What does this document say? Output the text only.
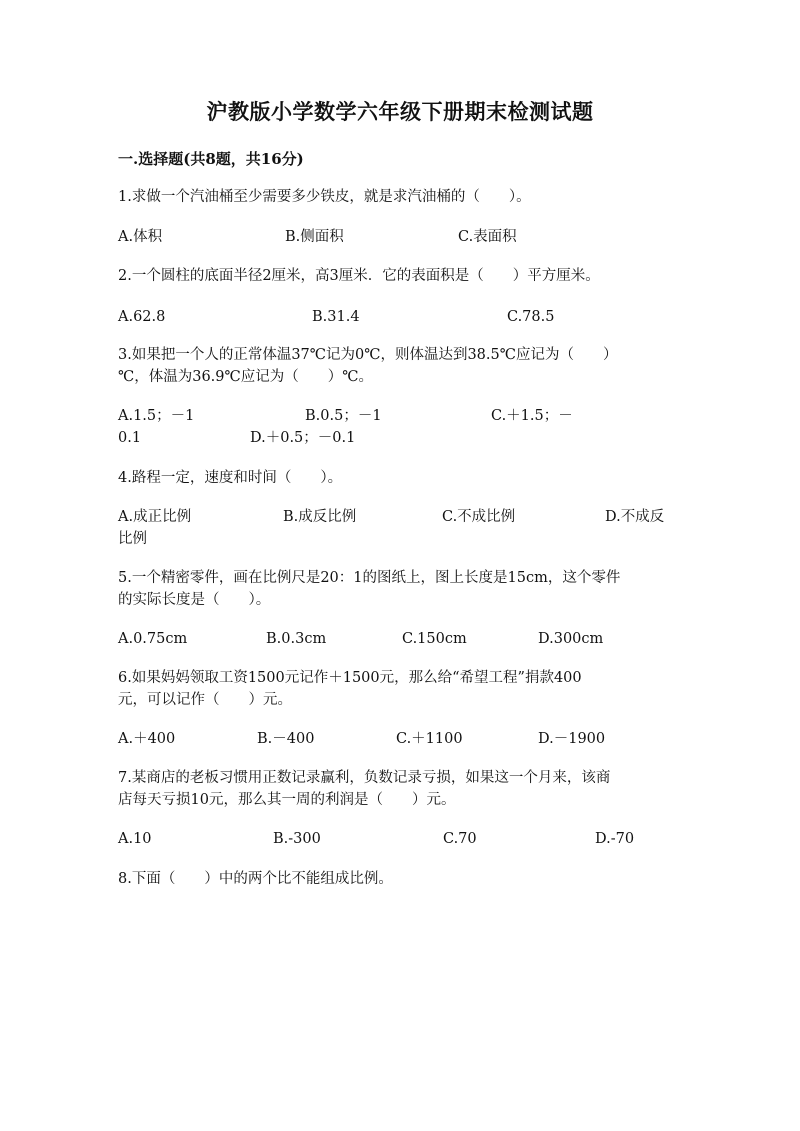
沪教版小学数学六年级下册期末检测试题
一.选择题(共8题，共16分)
1.求做一个汽油桶至少需要多少铁皮，就是求汽油桶的（　　）。
A.体积	B.侧面积	C.表面积
2.一个圆柱的底面半径2厘米，高3厘米．它的表面积是（　　）平方厘米。
A.62.8	B.31.4	C.78.5
3.如果把一个人的正常体温37℃记为0℃，则体温达到38.5℃应记为（　　）
℃，体温为36.9℃应记为（　　）℃。
A.1.5；－1	B.0.5；－1	C.＋1.5；－
0.1	D.＋0.5；－0.1
4.路程一定，速度和时间（　　）。
A.成正比例	B.成反比例	C.不成比例	D.不成反
比例
5.一个精密零件，画在比例尺是20：1的图纸上，图上长度是15cm，这个零件
的实际长度是（　　）。
A.0.75cm	B.0.3cm	C.150cm	D.300cm
6.如果妈妈领取工资1500元记作＋1500元，那么给“希望工程”捐款400
元，可以记作（　　）元。
A.＋400	B.－400	C.＋1100	D.－1900
7.某商店的老板习惯用正数记录赢利，负数记录亏损，如果这一个月来，该商
店每天亏损10元，那么其一周的利润是（　　）元。
A.10	B.-300	C.70	D.-70
8.下面（　　）中的两个比不能组成比例。
